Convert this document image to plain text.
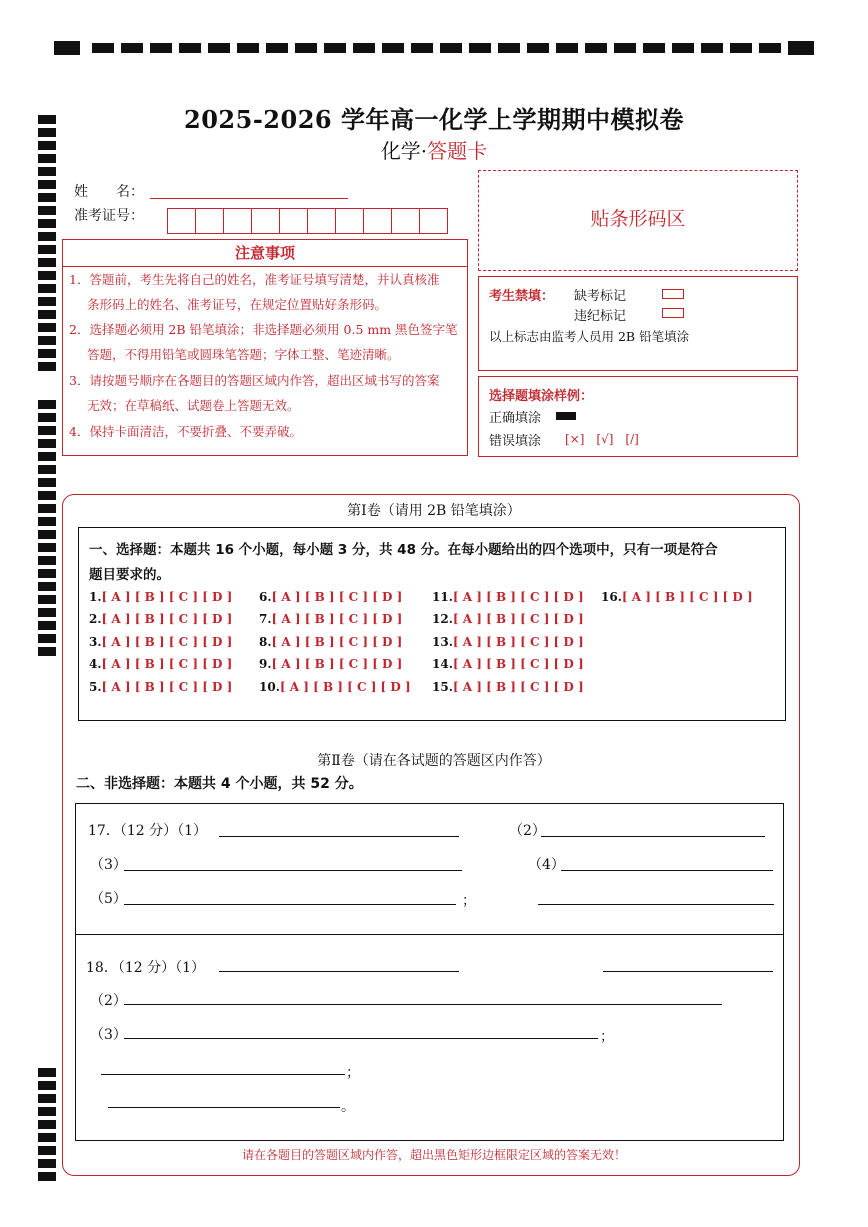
2025-2026 学年高一化学上学期期中模拟卷
化学·答题卡
姓　　名：
准考证号：
注意事项
1．答题前，考生先将自己的姓名，准考证号填写清楚，并认真核准
条形码上的姓名、准考证号，在规定位置贴好条形码。
2．选择题必须用 2B 铅笔填涂；非选择题必须用 0.5 mm 黑色签字笔
答题，不得用铅笔或圆珠笔答题；字体工整、笔迹清晰。
3．请按题号顺序在各题目的答题区域内作答，超出区域书写的答案
无效；在草稿纸、试题卷上答题无效。
4．保持卡面清洁，不要折叠、不要弄破。
贴条形码区
考生禁填： 缺考标记
违纪标记
以上标志由监考人员用 2B 铅笔填涂
选择题填涂样例：
正确填涂
错误填涂 [×]　[√]　[/]
第Ⅰ卷（请用 2B 铅笔填涂）
一、选择题：本题共 16 个小题，每小题 3 分，共 48 分。在每小题给出的四个选项中，只有一项是符合
题目要求的。
1.[ A ] [ B ] [ C ] [ D ]
2.[ A ] [ B ] [ C ] [ D ]
3.[ A ] [ B ] [ C ] [ D ]
4.[ A ] [ B ] [ C ] [ D ]
5.[ A ] [ B ] [ C ] [ D ]
6.[ A ] [ B ] [ C ] [ D ]
7.[ A ] [ B ] [ C ] [ D ]
8.[ A ] [ B ] [ C ] [ D ]
9.[ A ] [ B ] [ C ] [ D ]
10.[ A ] [ B ] [ C ] [ D ]
11.[ A ] [ B ] [ C ] [ D ]
12.[ A ] [ B ] [ C ] [ D ]
13.[ A ] [ B ] [ C ] [ D ]
14.[ A ] [ B ] [ C ] [ D ]
15.[ A ] [ B ] [ C ] [ D ]
16.[ A ] [ B ] [ C ] [ D ]
第Ⅱ卷（请在各试题的答题区内作答）
二、非选择题：本题共 4 个小题，共 52 分。
17．（12 分）（1）	（2）
（3）	（4）
（5）	；
18．（12 分）（1）
（2）
（3）	；
；
。
请在各题目的答题区域内作答，超出黑色矩形边框限定区域的答案无效！
